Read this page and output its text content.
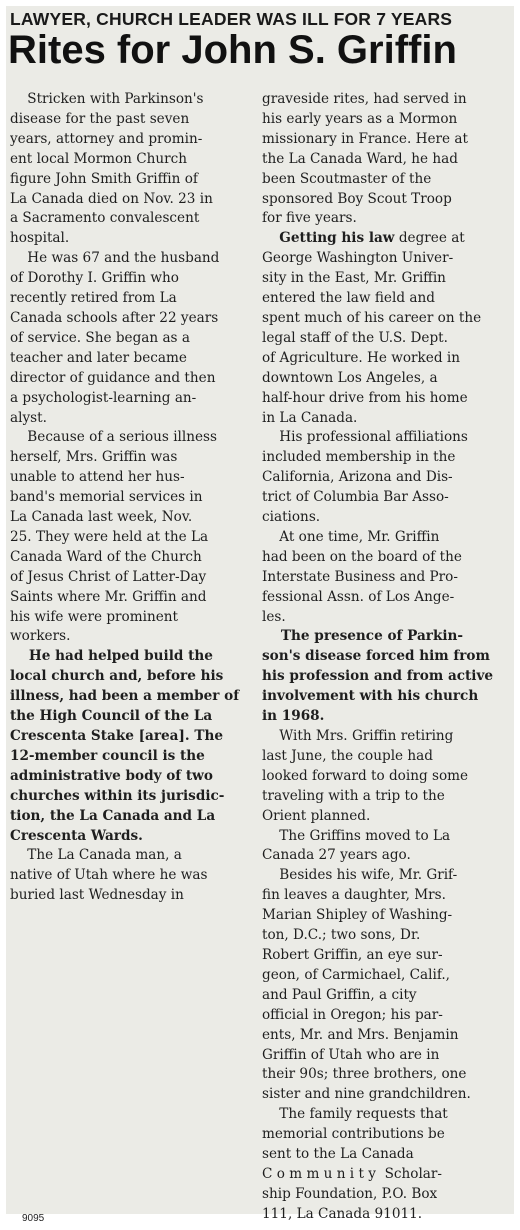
LAWYER, CHURCH LEADER WAS ILL FOR 7 YEARS
Rites for John S. Griffin
Stricken with Parkinson's
disease for the past seven
years, attorney and promin-
ent local Mormon Church
figure John Smith Griffin of
La Canada died on Nov. 23 in
a Sacramento convalescent
hospital.
He was 67 and the husband
of Dorothy I. Griffin who
recently retired from La
Canada schools after 22 years
of service. She began as a
teacher and later became
director of guidance and then
a psychologist-learning an-
alyst.
Because of a serious illness
herself, Mrs. Griffin was
unable to attend her hus-
band's memorial services in
La Canada last week, Nov.
25. They were held at the La
Canada Ward of the Church
of Jesus Christ of Latter-Day
Saints where Mr. Griffin and
his wife were prominent
workers.
He had helped build the
local church and, before his
illness, had been a member of
the High Council of the La
Crescenta Stake [area]. The
12-member council is the
administrative body of two
churches within its jurisdic-
tion, the La Canada and La
Crescenta Wards.
The La Canada man, a
native of Utah where he was
buried last Wednesday in
graveside rites, had served in
his early years as a Mormon
missionary in France. Here at
the La Canada Ward, he had
been Scoutmaster of the
sponsored Boy Scout Troop
for five years.
Getting his law degree at
George Washington Univer-
sity in the East, Mr. Griffin
entered the law field and
spent much of his career on the
legal staff of the U.S. Dept.
of Agriculture. He worked in
downtown Los Angeles, a
half-hour drive from his home
in La Canada.
His professional affiliations
included membership in the
California, Arizona and Dis-
trict of Columbia Bar Asso-
ciations.
At one time, Mr. Griffin
had been on the board of the
Interstate Business and Pro-
fessional Assn. of Los Ange-
les.
The presence of Parkin-
son's disease forced him from
his profession and from active
involvement with his church
in 1968.
With Mrs. Griffin retiring
last June, the couple had
looked forward to doing some
traveling with a trip to the
Orient planned.
The Griffins moved to La
Canada 27 years ago.
Besides his wife, Mr. Grif-
fin leaves a daughter, Mrs.
Marian Shipley of Washing-
ton, D.C.; two sons, Dr.
Robert Griffin, an eye sur-
geon, of Carmichael, Calif.,
and Paul Griffin, a city
official in Oregon; his par-
ents, Mr. and Mrs. Benjamin
Griffin of Utah who are in
their 90s; three brothers, one
sister and nine grandchildren.
The family requests that
memorial contributions be
sent to the La Canada
C o m m u n i t y  Scholar-
ship Foundation, P.O. Box
111, La Canada 91011.
9095
